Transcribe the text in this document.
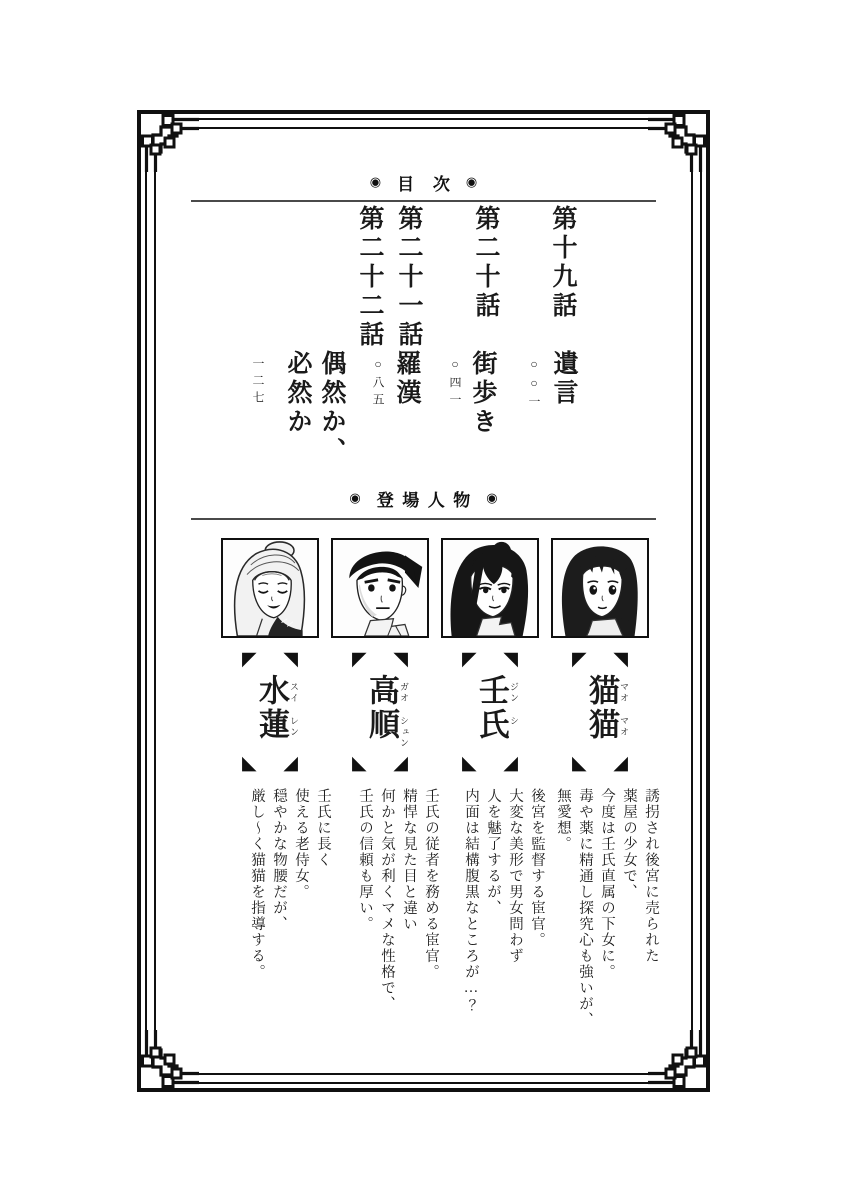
◉ 目次
◉
第十九話
遺言
○○一
第二十話
街歩き
○四一
第二十一話
羅漢
○八五
第二十二話
偶然か、
必然か
一二七
◉ 登場人物 ◉
◤ ◥
猫猫 マオ マオ
◣ ◢
誘拐され後宮に売られた
薬屋の少女で、
今度は壬氏直属の下女に。
毒や薬に精通し探究心も強いが、
無愛想。
◤ ◥
壬氏 ジン シ
◣ ◢
後宮を監督する宦官。
大変な美形で男女問わず
人を魅了するが、
内面は結構腹黒なところが…？
◤ ◥
高順 ガオ シュン
◣ ◢
壬氏の従者を務める宦官。
精悍な見た目と違い
何かと気が利くマメな性格で、
壬氏の信頼も厚い。
◤ ◥
水蓮 スイ レン
◣ ◢
壬氏に長く
使える老侍女。
穏やかな物腰だが、
厳し〜く猫猫を指導する。
